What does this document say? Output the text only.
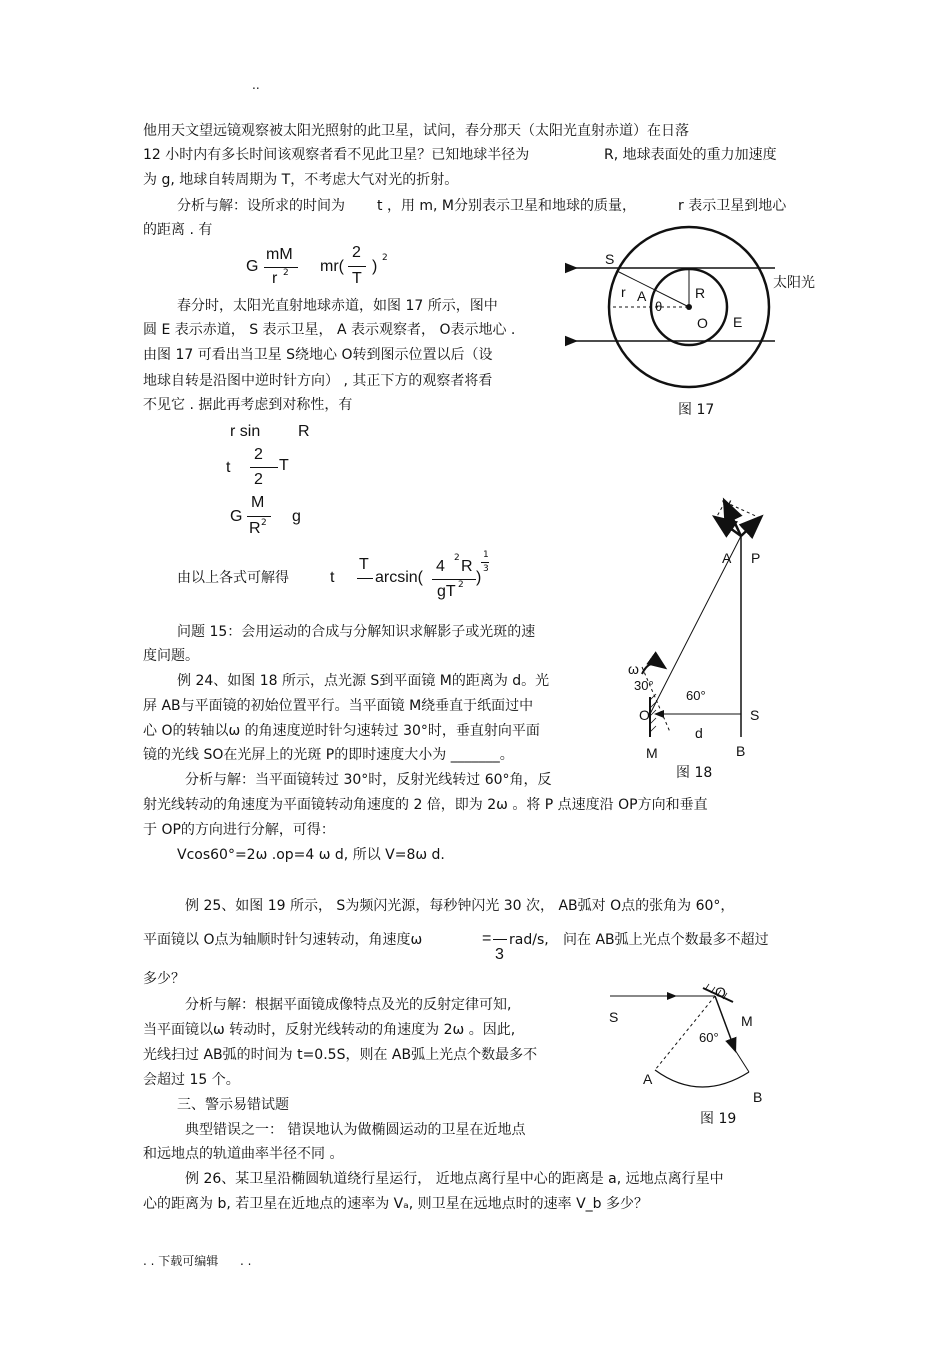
..
他用天文望远镜观察被太阳光照射的此卫星，试问，春分那天（太阳光直射赤道）在日落
12 小时内有多长时间该观察者看不见此卫星？已知地球半径为	R, 地球表面处的重力加速度
为 g, 地球自转周期为 T，不考虑大气对光的折射。
分析与解：设所求的时间为 t ，用 m, M分别表示卫星和地球的质量，	r 表示卫星到地心
的距离 . 有
G
mM
r 2 mr(
2
T
) 2
春分时，太阳光直射地球赤道，如图 17 所示，图中
圆 E 表示赤道， S 表示卫星， A 表示观察者， O表示地心 .
由图 17 可看出当卫星 S绕地心 O转到图示位置以后（设
地球自转是沿图中逆时针方向） , 其正下方的观察者将看
不见它 . 据此再考虑到对称性，有
r sin R
t
2
2
T
G
M
R 2 g
由以上各式可解得	t
T
arcsin(
4 2 R
gT 2 )
1
3
问题 15：会用运动的合成与分解知识求解影子或光斑的速
度问题。
例 24、如图 18 所示，点光源 S到平面镜 M的距离为 d。光
屏 AB与平面镜的初始位置平行。当平面镜 M绕垂直于纸面过中
心 O的转轴以ω 的角速度逆时针匀速转过 30°时，垂直射向平面
镜的光线 SO在光屏上的光斑 P的即时速度大小为 _______。
分析与解：当平面镜转过 30°时，反射光线转过 60°角，反
射光线转动的角速度为平面镜转动角速度的 2 倍，即为 2ω 。将 P 点速度沿 OP方向和垂直
于 OP的方向进行分解，可得：
Vcos60°=2ω .op=4 ω d, 所以 V=8ω d.
例 25、如图 19 所示， S为频闪光源，每秒钟闪光 30 次， AB弧对 O点的张角为 60°，
平面镜以 O点为轴顺时针匀速转动，角速度ω	=
3
rad/s, 问在 AB弧上光点个数最多不超过
多少？
分析与解：根据平面镜成像特点及光的反射定律可知,
当平面镜以ω 转动时，反射光线转动的角速度为 2ω 。因此,
光线扫过 AB弧的时间为 t=0.5S，则在 AB弧上光点个数最多不
会超过 15 个。
三、警示易错试题
典型错误之一： 错误地认为做椭圆运动的卫星在近地点
和远地点的轨道曲率半径不同 。
例 26、某卫星沿椭圆轨道绕行星运行， 近地点离行星中心的距离是 a, 远地点离行星中
心的距离为 b, 若卫星在近地点的速率为 Vₐ, 则卫星在远地点时的速率 V_b 多少？
. . 下载可编辑 . .
S
r A
θ
R
O E
太阳光
图 17
V
A P
ω
30°
60°
O	S
d
M	B
图 18
S
O
M
60°
A
B
图 19
